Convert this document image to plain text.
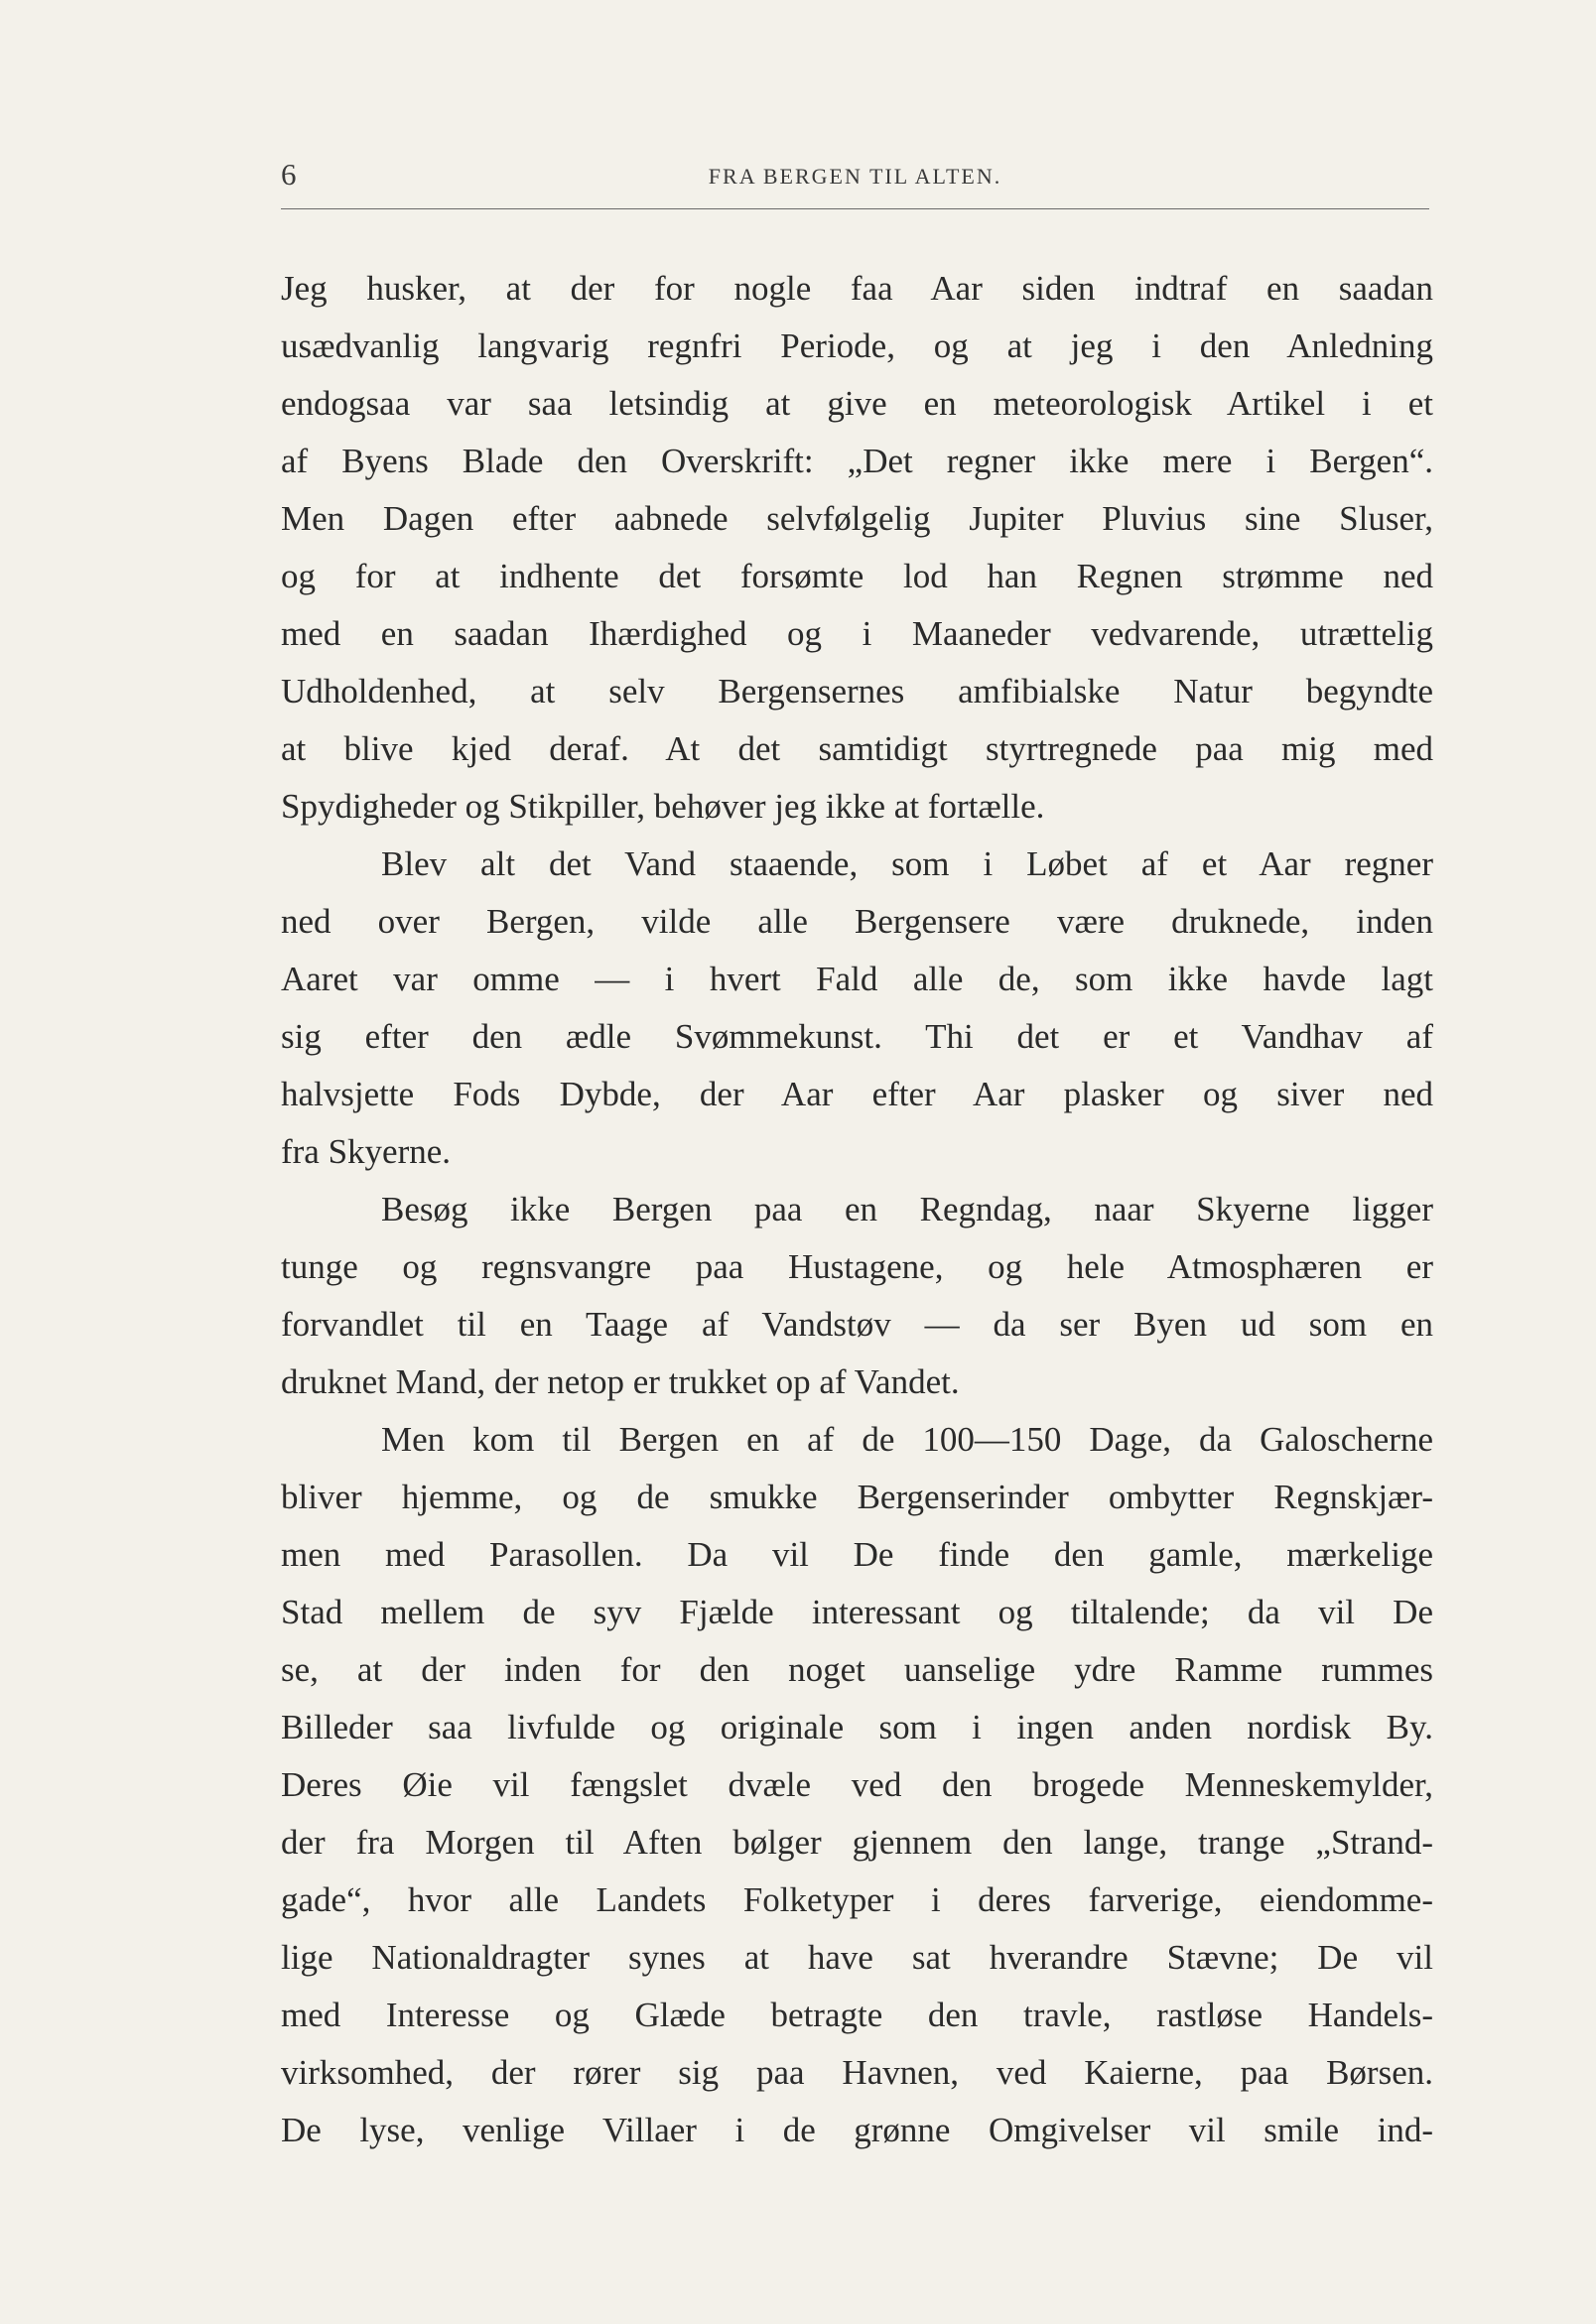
6	FRA BERGEN TIL ALTEN.
Jeg husker, at der for nogle faa Aar siden indtraf en saadan
usædvanlig langvarig regnfri Periode, og at jeg i den Anledning
endogsaa var saa letsindig at give en meteorologisk Artikel i et
af Byens Blade den Overskrift: „Det regner ikke mere i Bergen“.
Men Dagen efter aabnede selvfølgelig Jupiter Pluvius sine Sluser,
og for at indhente det forsømte lod han Regnen strømme ned
med en saadan Ihærdighed og i Maaneder vedvarende, utrættelig
Udholdenhed, at selv Bergensernes amfibialske Natur begyndte
at blive kjed deraf. At det samtidigt styrtregnede paa mig med
Spydigheder og Stikpiller, behøver jeg ikke at fortælle.
Blev alt det Vand staaende, som i Løbet af et Aar regner
ned over Bergen, vilde alle Bergensere være druknede, inden
Aaret var omme — i hvert Fald alle de, som ikke havde lagt
sig efter den ædle Svømmekunst. Thi det er et Vandhav af
halvsjette Fods Dybde, der Aar efter Aar plasker og siver ned
fra Skyerne.
Besøg ikke Bergen paa en Regndag, naar Skyerne ligger
tunge og regnsvangre paa Hustagene, og hele Atmosphæren er
forvandlet til en Taage af Vandstøv — da ser Byen ud som en
druknet Mand, der netop er trukket op af Vandet.
Men kom til Bergen en af de 100—150 Dage, da Galoscherne
bliver hjemme, og de smukke Bergenserinder ombytter Regnskjær-
men med Parasollen. Da vil De finde den gamle, mærkelige
Stad mellem de syv Fjælde interessant og tiltalende; da vil De
se, at der inden for den noget uanselige ydre Ramme rummes
Billeder saa livfulde og originale som i ingen anden nordisk By.
Deres Øie vil fængslet dvæle ved den brogede Menneskemylder,
der fra Morgen til Aften bølger gjennem den lange, trange „Strand-
gade“, hvor alle Landets Folketyper i deres farverige, eiendomme-
lige Nationaldragter synes at have sat hverandre Stævne; De vil
med Interesse og Glæde betragte den travle, rastløse Handels-
virksomhed, der rører sig paa Havnen, ved Kaierne, paa Børsen.
De lyse, venlige Villaer i de grønne Omgivelser vil smile ind-
